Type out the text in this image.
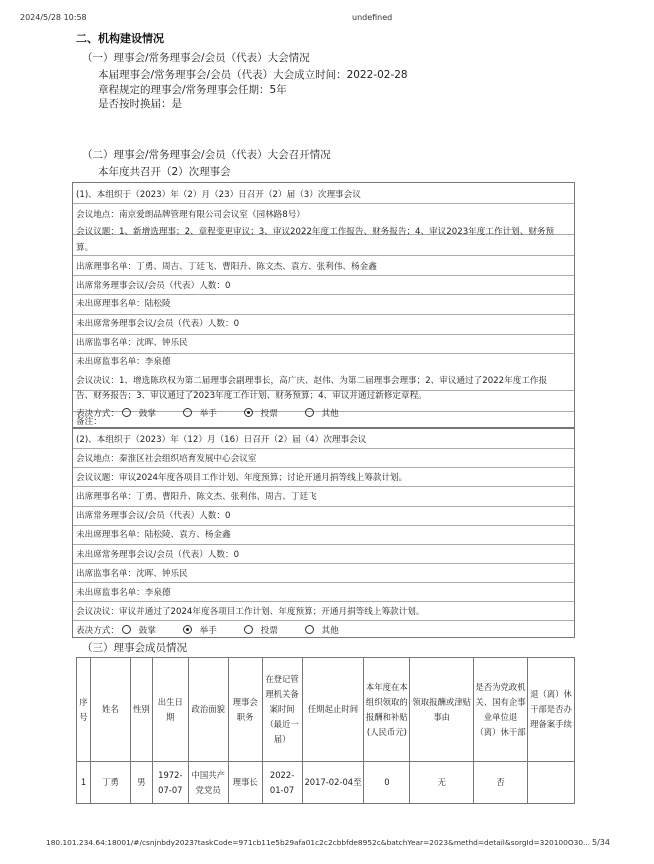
2024/5/28 10:58	undefined
二、机构建设情况
（一）理事会/常务理事会/会员（代表）大会情况
本届理事会/常务理事会/会员（代表）大会成立时间：2022-02-28
章程规定的理事会/常务理事会任期：5年
是否按时换届：是
（二）理事会/常务理事会/会员（代表）大会召开情况
本年度共召开（2）次理事会
(1)、本组织于（2023）年（2）月（23）日召开（2）届（3）次理事会议
会议地点：南京爱朗品牌管理有限公司会议室（园林路8号）
会议议题：1、新增选理事；2、章程变更审议；3、审议2022年度工作报告、财务报告；4、审议2023年度工作计划、财务预
算。
出席理事名单：丁勇、周吉、丁廷飞、曹阳升、陈文杰、袁方、张利伟、杨金鑫
出席常务理事会议/会员（代表）人数：0
未出席理事名单：陆松陵
未出席常务理事会议/会员（代表）人数：0
出席监事名单：沈晖、钟乐民
未出席监事名单：李泉德
会议决议：1、增选陈玖权为第二届理事会副理事长，高广庆、赵伟、为第二届理事会理事；2、审议通过了2022年度工作报
告、财务报告；3、审议通过了2023年度工作计划、财务预算；4、审议并通过新修定章程。
表决方式： 鼓掌	举手	投票	其他
备注：
(2)、本组织于（2023）年（12）月（16）日召开（2）届（4）次理事会议
会议地点：秦淮区社会组织培育发展中心会议室
会议议题：审议2024年度各项目工作计划、年度预算；讨论开通月捐等线上筹款计划。
出席理事名单：丁勇、曹阳升、陈文杰、张利伟、周吉、丁廷飞
出席常务理事会议/会员（代表）人数：0
未出席理事名单：陆松陵、袁方、杨金鑫
未出席常务理事会议/会员（代表）人数：0
出席监事名单：沈晖、钟乐民
未出席监事名单：李泉德
会议决议：审议并通过了2024年度各项目工作计划、年度预算；开通月捐等线上筹款计划。
表决方式： 鼓掌	举手	投票	其他
（三）理事会成员情况
序号	姓名	性别	出生日期	政治面貌	理事会职务	在登记管理机关备案时间（最近一届）	任期起止时间	本年度在本组织领取的报酬和补贴(人民币元)	领取报酬或津贴事由	是否为党政机关、国有企事业单位退（离）休干部	退（离）休干部是否办理备案手续
1	丁勇	男	1972-07-07	中国共产党党员	理事长	2022-01-07	2017-02-04至	0	无	否	
180.101.234.64:18001/#/csnjnbdy2023?taskCode=971cb11e5b29afa01c2c2cbbfde8952c&batchYear=2023&methd=detail&sorgId=320100O30... 5/34
